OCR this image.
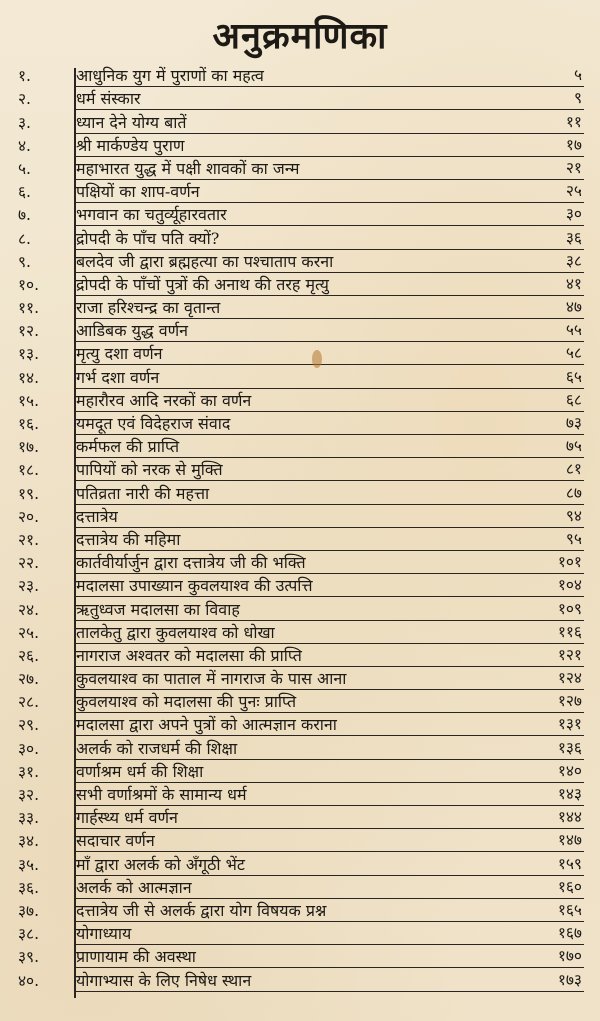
अनुक्रमणिका
१.	आधुनिक युग में पुराणों का महत्व	५
२.	धर्म संस्कार	९
३.	ध्यान देने योग्य बातें	११
४.	श्री मार्कण्डेय पुराण	१७
५.	महाभारत युद्ध में पक्षी शावकों का जन्म	२१
६.	पक्षियों का शाप-वर्णन	२५
७.	भगवान का चतुर्व्यूहारवतार	३०
८.	द्रोपदी के पाँच पति क्यों?	३६
९.	बलदेव जी द्वारा ब्रह्महत्या का पश्चाताप करना	३८
१०.	द्रोपदी के पाँचों पुत्रों की अनाथ की तरह मृत्यु	४१
११.	राजा हरिश्चन्द्र का वृतान्त	४७
१२.	आडिबक युद्ध वर्णन	५५
१३.	मृत्यु दशा वर्णन	५८
१४.	गर्भ दशा वर्णन	६५
१५.	महारौरव आदि नरकों का वर्णन	६८
१६.	यमदूत एवं विदेहराज संवाद	७३
१७.	कर्मफल की प्राप्ति	७५
१८.	पापियों को नरक से मुक्ति	८१
१९.	पतिव्रता नारी की महत्ता	८७
२०.	दत्तात्रेय	९४
२१.	दत्तात्रेय की महिमा	९५
२२.	कार्तवीर्यार्जुन द्वारा दत्तात्रेय जी की भक्ति	१०१
२३.	मदालसा उपाख्यान कुवलयाश्व की उत्पत्ति	१०४
२४.	ऋतुध्वज मदालसा का विवाह	१०९
२५.	तालकेतु द्वारा कुवलयाश्व को धोखा	११६
२६.	नागराज अश्वतर को मदालसा की प्राप्ति	१२१
२७.	कुवलयाश्व का पाताल में नागराज के पास आना	१२४
२८.	कुवलयाश्व को मदालसा की पुनः प्राप्ति	१२७
२९.	मदालसा द्वारा अपने पुत्रों को आत्मज्ञान कराना	१३१
३०.	अलर्क को राजधर्म की शिक्षा	१३६
३१.	वर्णाश्रम धर्म की शिक्षा	१४०
३२.	सभी वर्णाश्रमों के सामान्य धर्म	१४३
३३.	गार्हस्थ्य धर्म वर्णन	१४४
३४.	सदाचार वर्णन	१४७
३५.	माँ द्वारा अलर्क को अँगूठी भेंट	१५९
३६.	अलर्क को आत्मज्ञान	१६०
३७.	दत्तात्रेय जी से अलर्क द्वारा योग विषयक प्रश्न	१६५
३८.	योगाध्याय	१६७
३९.	प्राणायाम की अवस्था	१७०
४०.	योगाभ्यास के लिए निषेध स्थान	१७३
